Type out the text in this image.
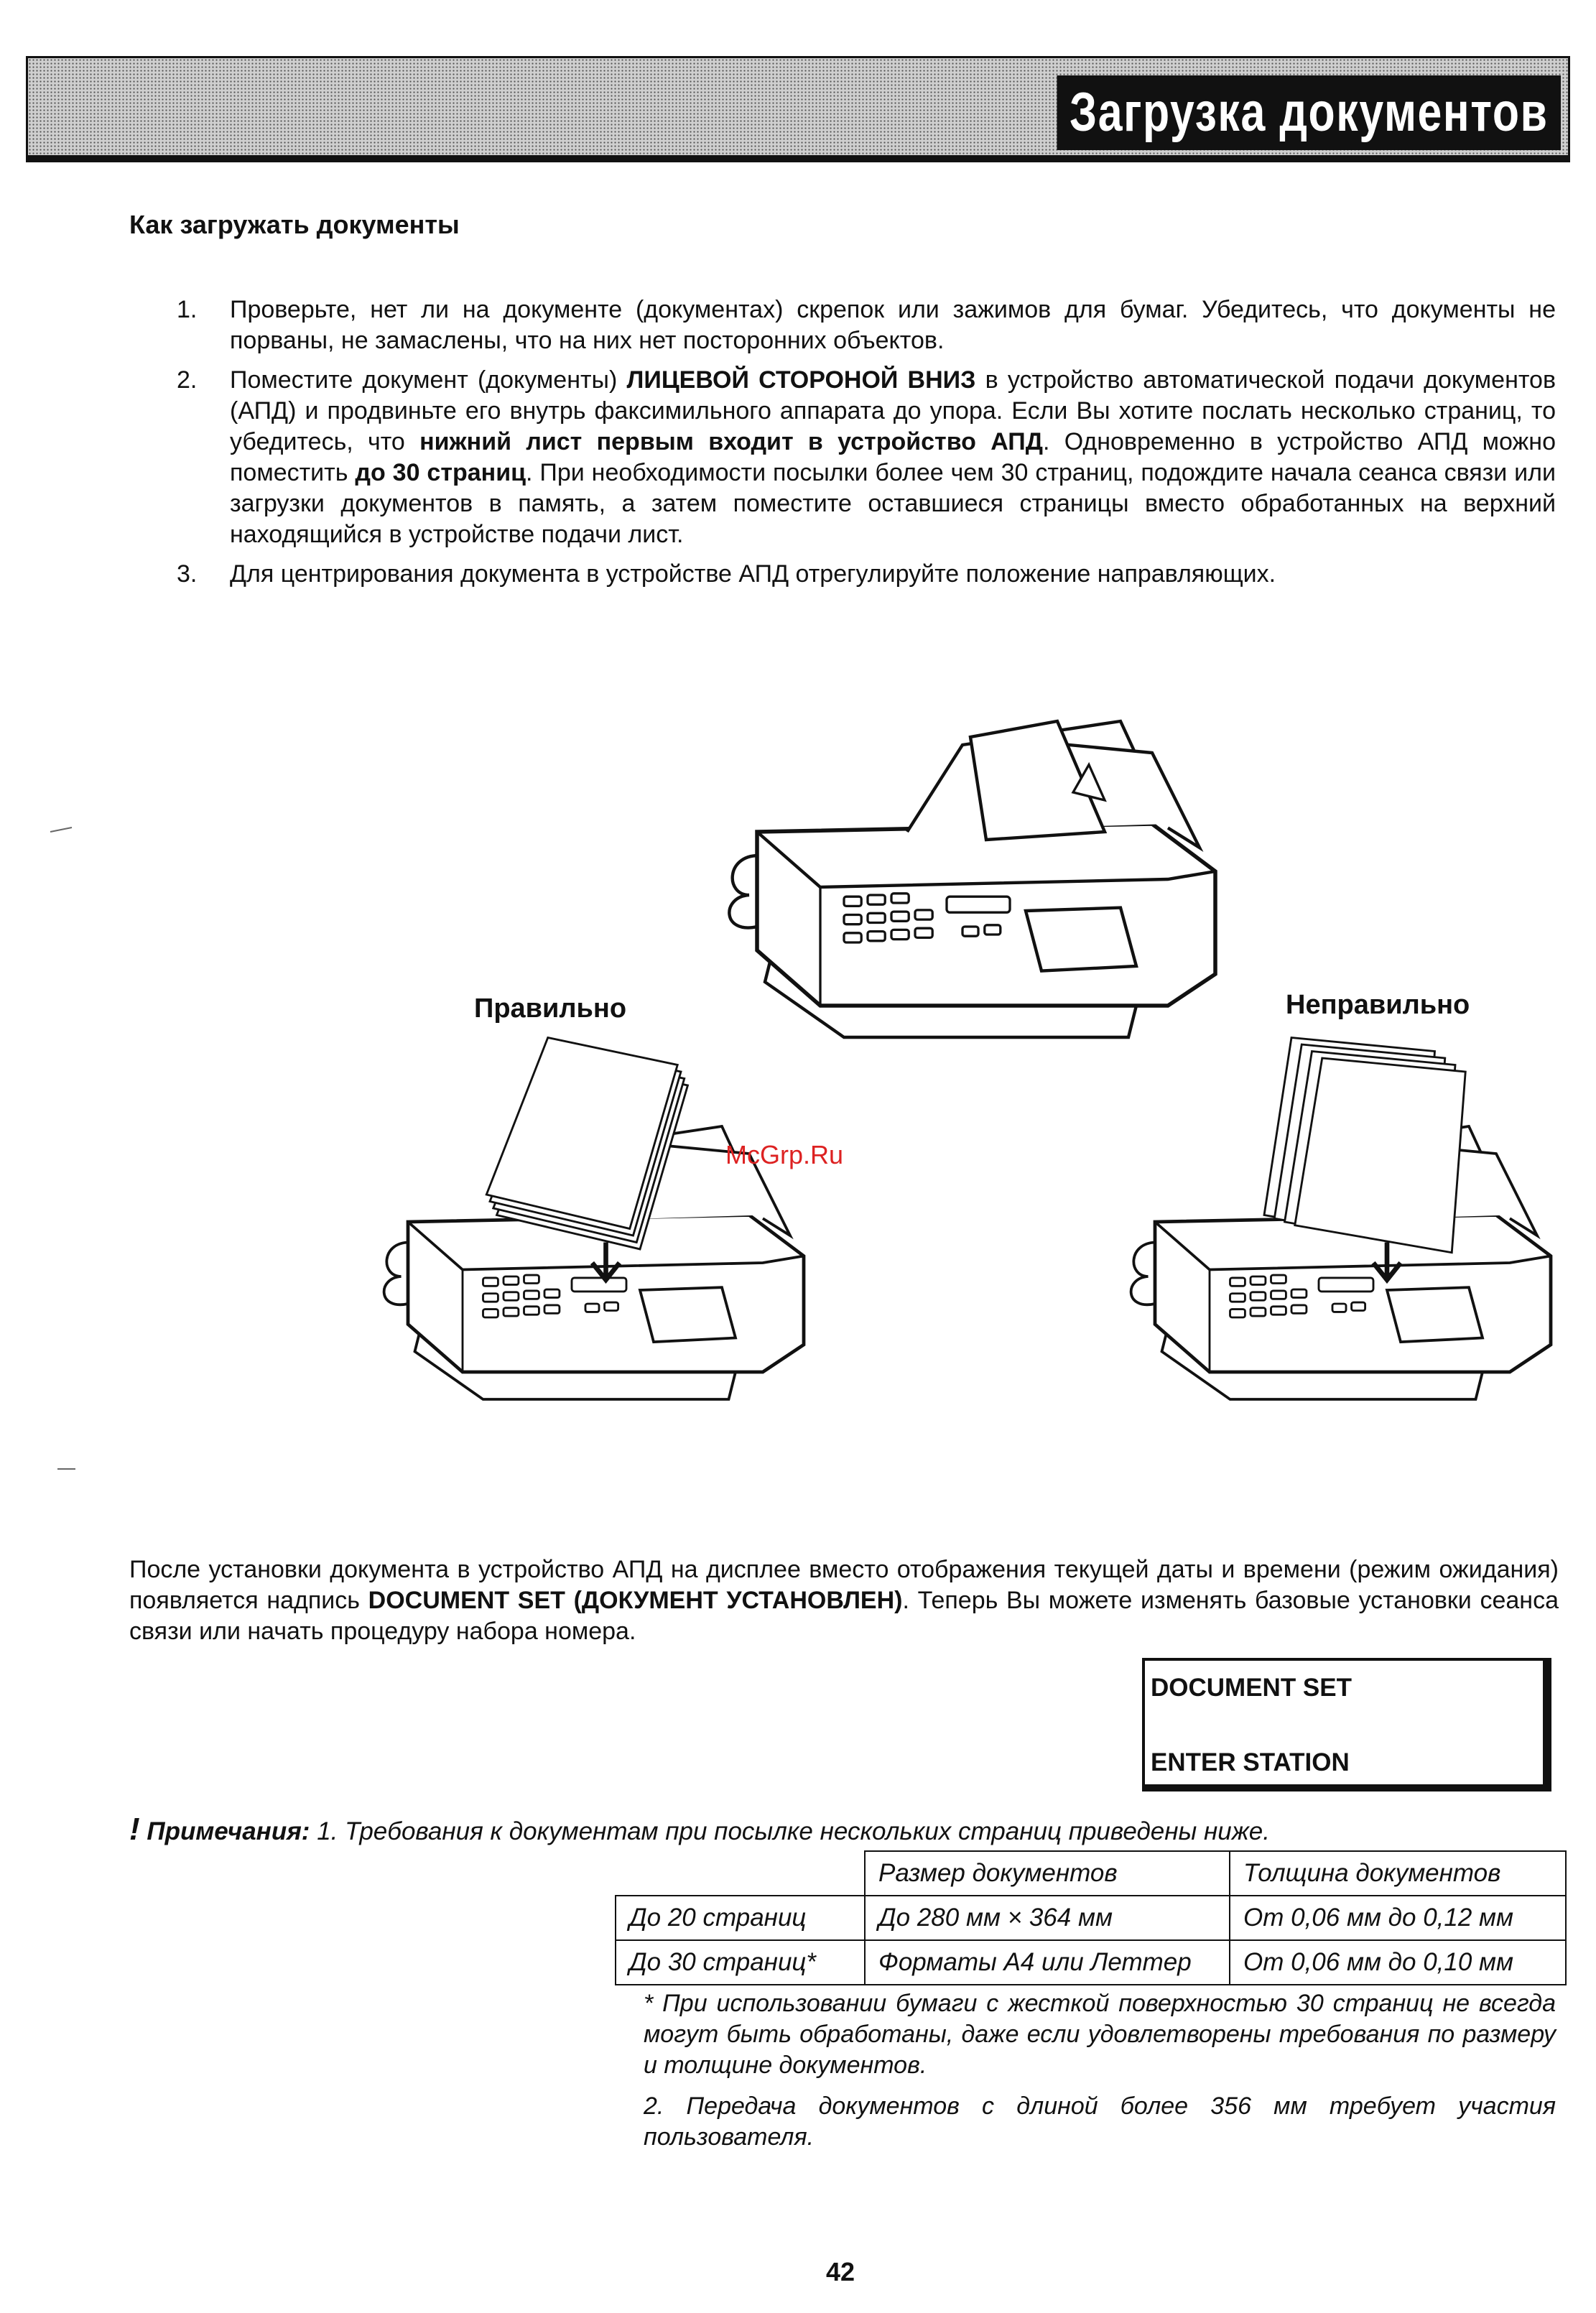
Загрузка документов
Как загружать документы
1. Проверьте, нет ли на документе (документах) скрепок или зажимов для бумаг. Убедитесь, что документы не порваны, не замаслены, что на них нет посторонних объектов.
2. Поместите документ (документы) ЛИЦЕВОЙ СТОРОНОЙ ВНИЗ в устройство автоматической подачи документов (АПД) и продвиньте его внутрь факсимильного аппарата до упора. Если Вы хотите послать несколько страниц, то убедитесь, что нижний лист первым входит в устройство АПД. Одновременно в устройство АПД можно поместить до 30 страниц. При необходимости посылки более чем 30 страниц, подождите начала сеанса связи или загрузки документов в память, а затем поместите оставшиеся страницы вместо обработанных на верхний находящийся в устройстве подачи лист.
3. Для центрирования документа в устройстве АПД отрегулируйте положение направляющих.
Правильно	Неправильно
McGrp.Ru
После установки документа в устройство АПД на дисплее вместо отображения текущей даты и времени (режим ожидания) появляется надпись DOCUMENT SET (ДОКУМЕНТ УСТАНОВЛЕН). Теперь Вы можете изменять базовые установки сеанса связи или начать процедуру набора номера.
DOCUMENT SET
ENTER STATION
! Примечания: 1. Требования к документам при посылке нескольких страниц приведены ниже.
	Размер документов	Толщина документов
До 20 страниц	До 280 мм × 364 мм	От 0,06 мм до 0,12 мм
До 30 страниц*	Форматы А4 или Леттер	От 0,06 мм до 0,10 мм
* При использовании бумаги с жесткой поверхностью 30 страниц не всегда могут быть обработаны, даже если удовлетворены требования по размеру и толщине документов.
2. Передача документов с длиной более 356 мм требует участия пользователя.
42
